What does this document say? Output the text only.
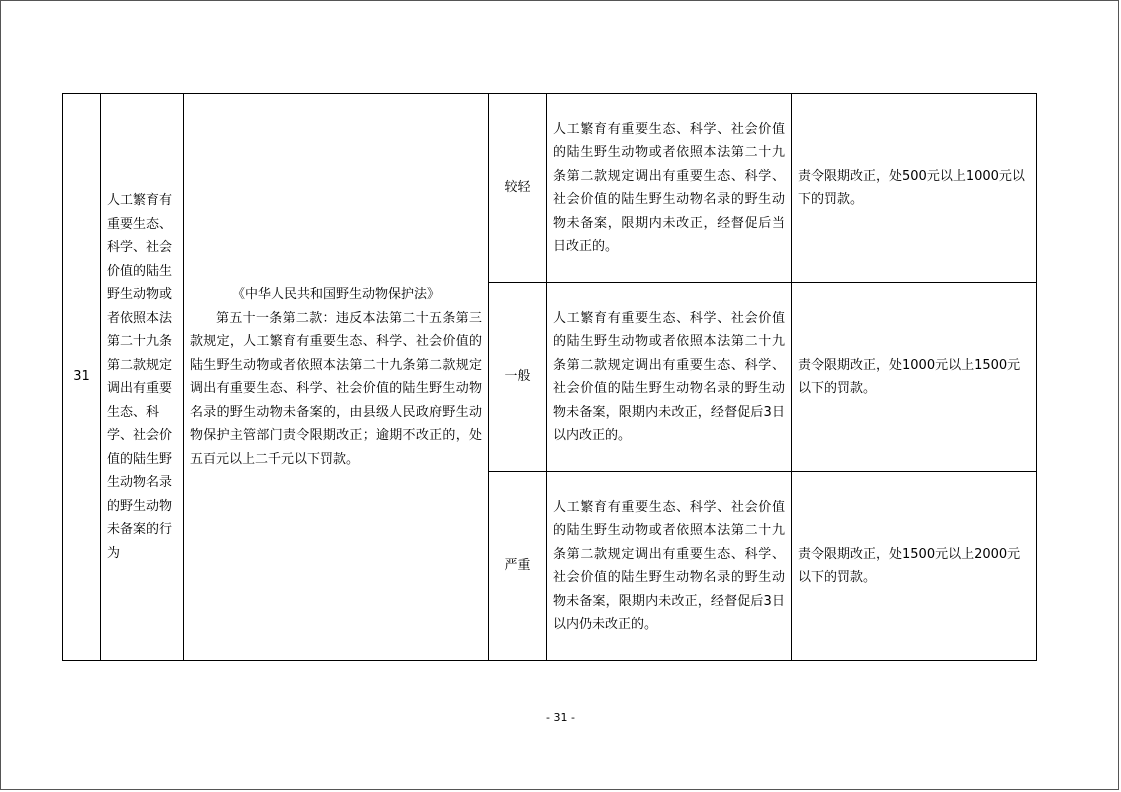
31	人工繁育有重要生态、科学、社会价值的陆生野生动物或者依照本法第二十九条第二款规定调出有重要生态、科学、社会价值的陆生野生动物名录的野生动物未备案的行为	《中华人民共和国野生动物保护法》
第五十一条第二款：违反本法第二十五条第三款规定，人工繁育有重要生态、科学、社会价值的陆生野生动物或者依照本法第二十九条第二款规定调出有重要生态、科学、社会价值的陆生野生动物名录的野生动物未备案的，由县级人民政府野生动物保护主管部门责令限期改正；逾期不改正的，处五百元以上二千元以下罚款。	较轻	人工繁育有重要生态、科学、社会价值的陆生野生动物或者依照本法第二十九条第二款规定调出有重要生态、科学、社会价值的陆生野生动物名录的野生动物未备案，限期内未改正，经督促后当日改正的。	责令限期改正，处500元以上1000元以下的罚款。
			一般	人工繁育有重要生态、科学、社会价值的陆生野生动物或者依照本法第二十九条第二款规定调出有重要生态、科学、社会价值的陆生野生动物名录的野生动物未备案，限期内未改正，经督促后3日以内改正的。	责令限期改正，处1000元以上1500元以下的罚款。
			严重	人工繁育有重要生态、科学、社会价值的陆生野生动物或者依照本法第二十九条第二款规定调出有重要生态、科学、社会价值的陆生野生动物名录的野生动物未备案，限期内未改正，经督促后3日以内仍未改正的。	责令限期改正，处1500元以上2000元以下的罚款。
- 31 -
